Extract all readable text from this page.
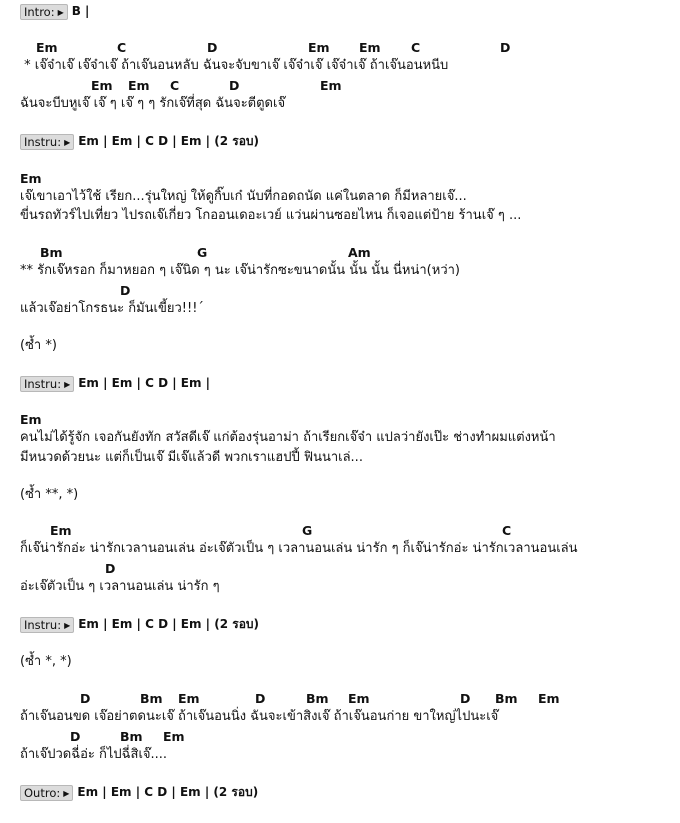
Intro: ▶ B |
Em	C	D	Em Em C	D
* เจ๊จ๋าเจ๊ เจ๊จ๋าเจ๊ ถ้าเจ๊นอนหลับ ฉันจะจับขาเจ๊ เจ๊จ๋าเจ๊ เจ๊จ๋าเจ๊ ถ้าเจ๊นอนหนีบ
Em Em C	D	Em
ฉันจะบีบหูเจ๊ เจ๊ ๆ เจ๊ ๆ ๆ รักเจ๊ที่สุด ฉันจะตีตูดเจ๊
Instru: ▶ Em | Em | C D | Em | (2 รอบ)
Em
เจ๊เขาเอาไว้ใช้ เรียก...รุ่นใหญ่ ให้ดูกิ๊บเก๋ นับที่กอดถนัด แค่ในตลาด ก็มีหลายเจ๊...
ขี่นรถทัวร์ไปเที่ยว ไปรถเจ๊เกี่ยว โกออนเดอะเวย์ แว่นผ่านซอยไหน ก็เจอแต่ป้าย ร้านเจ๊ ๆ ...
Bm	G	Am
** รักเจ๊หรอก ก็มาหยอก ๆ เจ๊นิด ๆ นะ เจ๊น่ารักซะขนาดนั้น นั้น นั้น นี่หน่า(หว่า)
D
แล้วเจ๊อย่าโกรธนะ ก็มันเขี้ยว!!!ˊ
(ซ้ำ *)
Instru: ▶ Em | Em | C D | Em |
Em
คนไม่ได้รู้จัก เจอกันยังทัก สวัสดีเจ๊ แก่ต้องรุ่นอาม่า ถ้าเรียกเจ๊จ๋า แปลว่ายังเป๊ะ ช่างทำผมแต่งหน้า
มีหนวดด้วยนะ แต่ก็เป็นเจ๊ มีเจ๊แล้วดี พวกเราแฮปปี้ ฟินนาเล่...
(ซ้ำ **, *)
Em	G	C
ก็เจ๊น่ารักอ่ะ น่ารักเวลานอนเล่น อ่ะเจ๊ตัวเป็น ๆ เวลานอนเล่น น่ารัก ๆ ก็เจ๊น่ารักอ่ะ น่ารักเวลานอนเล่น
D
อ่ะเจ๊ตัวเป็น ๆ เวลานอนเล่น น่ารัก ๆ
Instru: ▶ Em | Em | C D | Em | (2 รอบ)
(ซ้ำ *, *)
D	Bm Em	D	Bm Em	D Bm Em
ถ้าเจ๊นอนขด เจ๊อย่าตดนะเจ๊ ถ้าเจ๊นอนนิ่ง ฉันจะเข้าสิงเจ๊ ถ้าเจ๊นอนก่าย ขาใหญ่ไปนะเจ๊
D	Bm Em
ถ้าเจ๊ปวดฉี่อ่ะ ก็ไปฉี่สิเจ๊....
Outro: ▶ Em | Em | C D | Em | (2 รอบ)
